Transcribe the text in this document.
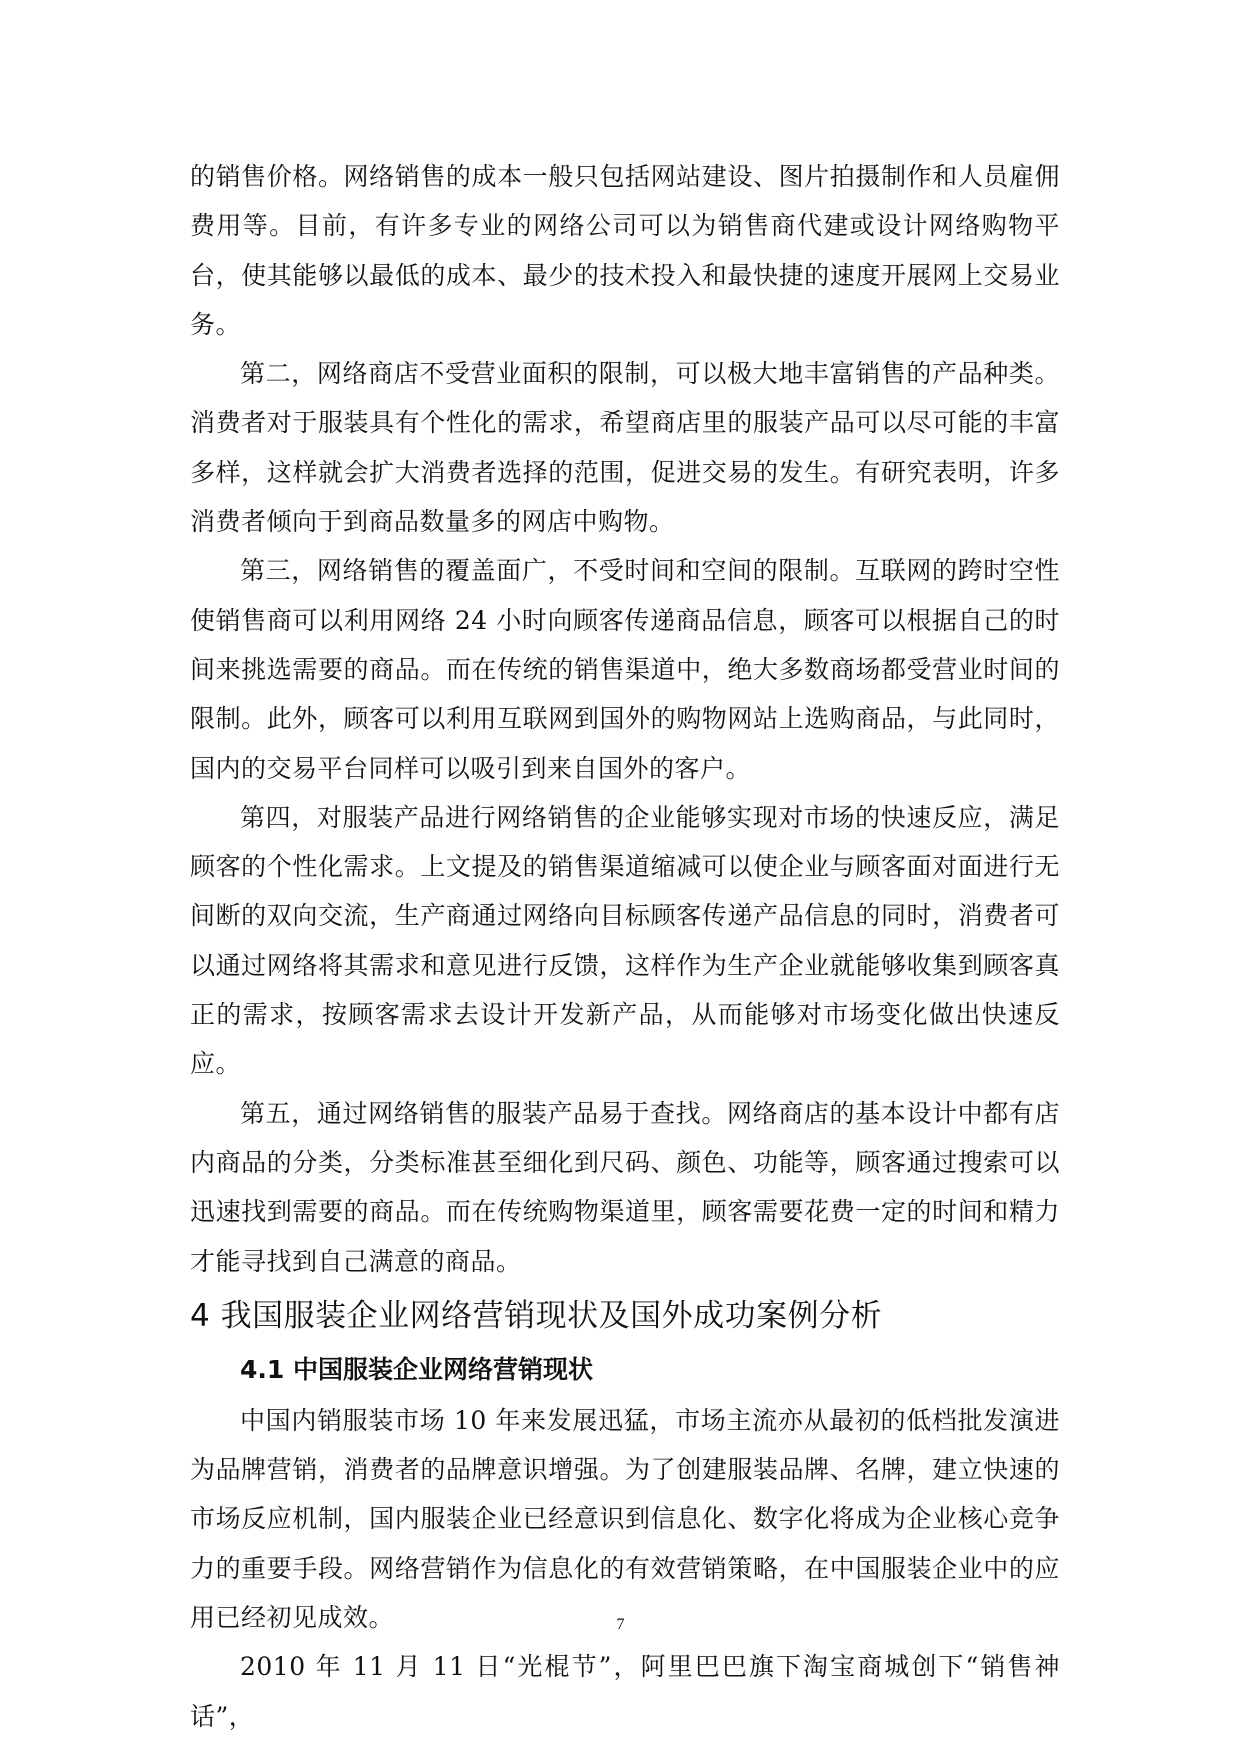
的销售价格。网络销售的成本一般只包括网站建设、图片拍摄制作和人员雇佣费用等。目前，有许多专业的网络公司可以为销售商代建或设计网络购物平台，使其能够以最低的成本、最少的技术投入和最快捷的速度开展网上交易业务。

第二，网络商店不受营业面积的限制，可以极大地丰富销售的产品种类。消费者对于服装具有个性化的需求，希望商店里的服装产品可以尽可能的丰富多样，这样就会扩大消费者选择的范围，促进交易的发生。有研究表明，许多消费者倾向于到商品数量多的网店中购物。

第三，网络销售的覆盖面广，不受时间和空间的限制。互联网的跨时空性使销售商可以利用网络 24 小时向顾客传递商品信息，顾客可以根据自己的时间来挑选需要的商品。而在传统的销售渠道中，绝大多数商场都受营业时间的限制。此外，顾客可以利用互联网到国外的购物网站上选购商品，与此同时，国内的交易平台同样可以吸引到来自国外的客户。

第四，对服装产品进行网络销售的企业能够实现对市场的快速反应，满足顾客的个性化需求。上文提及的销售渠道缩减可以使企业与顾客面对面进行无间断的双向交流，生产商通过网络向目标顾客传递产品信息的同时，消费者可以通过网络将其需求和意见进行反馈，这样作为生产企业就能够收集到顾客真正的需求，按顾客需求去设计开发新产品，从而能够对市场变化做出快速反应。

第五，通过网络销售的服装产品易于查找。网络商店的基本设计中都有店内商品的分类，分类标准甚至细化到尺码、颜色、功能等，顾客通过搜索可以迅速找到需要的商品。而在传统购物渠道里，顾客需要花费一定的时间和精力才能寻找到自己满意的商品。

4 我国服装企业网络营销现状及国外成功案例分析
4.1 中国服装企业网络营销现状

中国内销服装市场 10 年来发展迅猛，市场主流亦从最初的低档批发演进为品牌营销，消费者的品牌意识增强。为了创建服装品牌、名牌，建立快速的市场反应机制，国内服装企业已经意识到信息化、数字化将成为企业核心竞争力的重要手段。网络营销作为信息化的有效营销策略，在中国服装企业中的应用已经初见成效。

2010 年 11 月 11 日“光棍节”，阿里巴巴旗下淘宝商城创下“销售神话”，

7
